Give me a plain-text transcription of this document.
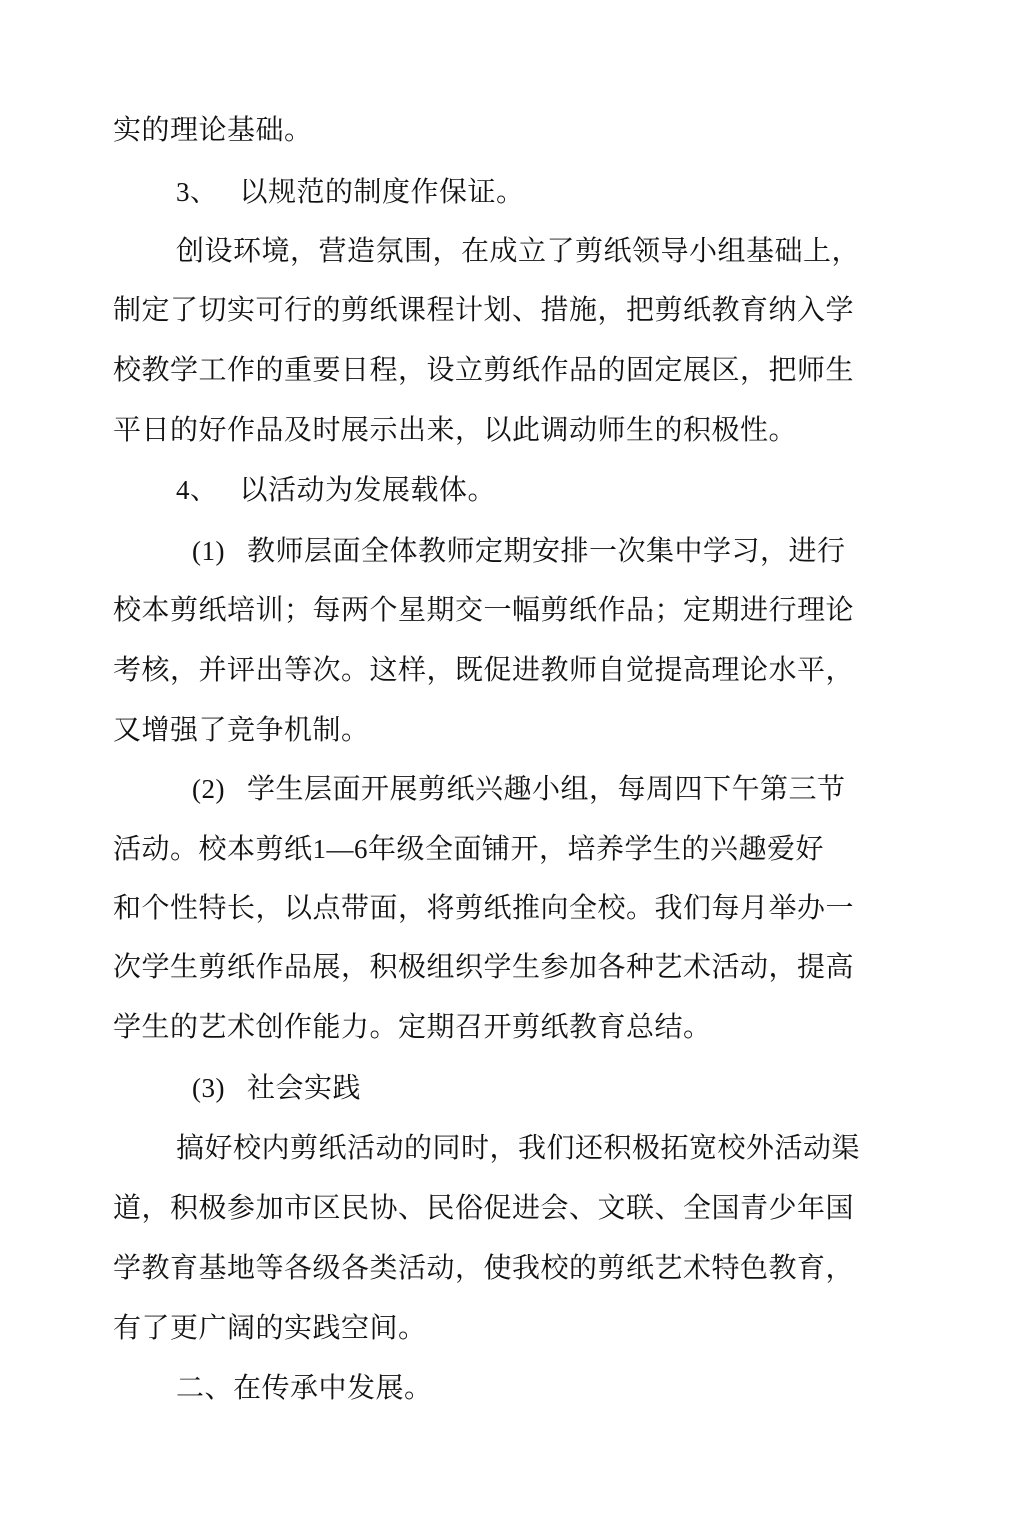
实的理论基础。
3、 以规范的制度作保证。
创设环境，营造氛围，在成立了剪纸领导小组基础上，
制定了切实可行的剪纸课程计划、措施，把剪纸教育纳入学
校教学工作的重要日程，设立剪纸作品的固定展区，把师生
平日的好作品及时展示出来，以此调动师生的积极性。
4、 以活动为发展载体。
(1) 教师层面全体教师定期安排一次集中学习，进行
校本剪纸培训；每两个星期交一幅剪纸作品；定期进行理论
考核，并评出等次。这样，既促进教师自觉提高理论水平，
又增强了竞争机制。
(2) 学生层面开展剪纸兴趣小组，每周四下午第三节
活动。校本剪纸1—6年级全面铺开，培养学生的兴趣爱好
和个性特长，以点带面，将剪纸推向全校。我们每月举办一
次学生剪纸作品展，积极组织学生参加各种艺术活动，提高
学生的艺术创作能力。定期召开剪纸教育总结。
(3) 社会实践
搞好校内剪纸活动的同时，我们还积极拓宽校外活动渠
道，积极参加市区民协、民俗促进会、文联、全国青少年国
学教育基地等各级各类活动，使我校的剪纸艺术特色教育，
有了更广阔的实践空间。
二、在传承中发展。
